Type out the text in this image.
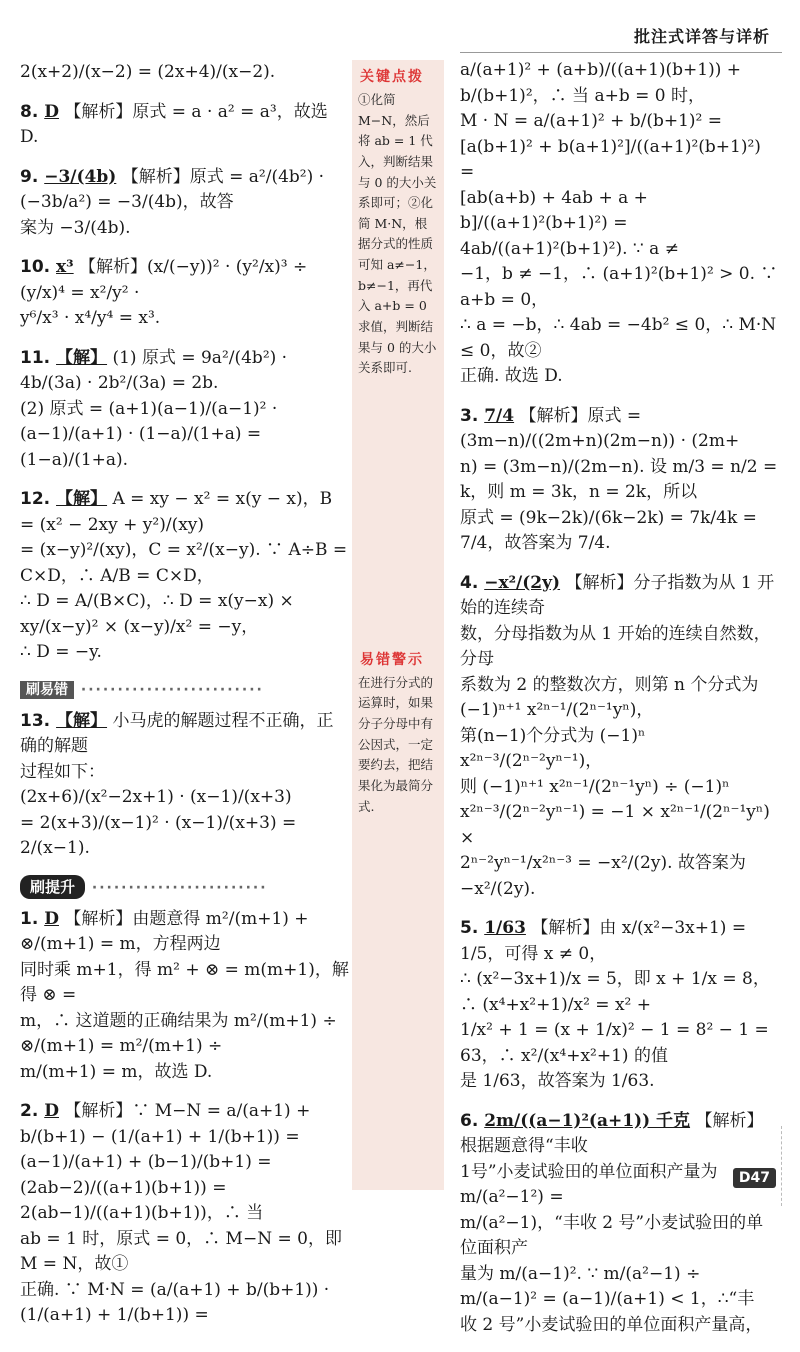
批注式详答与详析
2(x+2)/(x−2) = (2x+4)/(x−2).
8. D 【解析】原式 = a · a² = a³，故选 D.
9. −3/(4b) 【解析】原式 = a²/(4b²) · (−3b/a²) = −3/(4b)，故答
案为 −3/(4b).
10. x³ 【解析】(x/(−y))² · (y²/x)³ ÷ (y/x)⁴ = x²/y² ·
y⁶/x³ · x⁴/y⁴ = x³.
11. 【解】 (1) 原式 = 9a²/(4b²) · 4b/(3a) · 2b²/(3a) = 2b.
(2) 原式 = (a+1)(a−1)/(a−1)² · (a−1)/(a+1) · (1−a)/(1+a) = (1−a)/(1+a).
12. 【解】 A = xy − x² = x(y − x)，B = (x² − 2xy + y²)/(xy)
= (x−y)²/(xy)，C = x²/(x−y). ∵ A÷B = C×D，∴ A/B = C×D，
∴ D = A/(B×C)，∴ D = x(y−x) × xy/(x−y)² × (x−y)/x² = −y，
∴ D = −y.
刷易错 ·························
13. 【解】 小马虎的解题过程不正确，正确的解题
过程如下：
(2x+6)/(x²−2x+1) · (x−1)/(x+3)
= 2(x+3)/(x−1)² · (x−1)/(x+3) = 2/(x−1).
刷提升 ························
1. D 【解析】由题意得 m²/(m+1) + ⊗/(m+1) = m，方程两边
同时乘 m+1，得 m² + ⊗ = m(m+1)，解得 ⊗ =
m，∴ 这道题的正确结果为 m²/(m+1) ÷ ⊗/(m+1) = m²/(m+1) ÷
m/(m+1) = m，故选 D.
2. D 【解析】∵ M−N = a/(a+1) + b/(b+1) − (1/(a+1) + 1/(b+1)) =
(a−1)/(a+1) + (b−1)/(b+1) = (2ab−2)/((a+1)(b+1)) = 2(ab−1)/((a+1)(b+1))，∴ 当
ab = 1 时，原式 = 0，∴ M−N = 0，即 M = N，故①
正确. ∵ M·N = (a/(a+1) + b/(b+1)) · (1/(a+1) + 1/(b+1)) =
关键点拨
①化简 M−N，然后将 ab = 1 代入，判断结果与 0 的大小关系即可；②化简 M·N，根据分式的性质可知 a≠−1，b≠−1，再代入 a+b = 0 求值，判断结果与 0 的大小关系即可.
易错警示
在进行分式的运算时，如果分子分母中有公因式，一定要约去，把结果化为最简分式.
a/(a+1)² + (a+b)/((a+1)(b+1)) + b/(b+1)²，∴ 当 a+b = 0 时，
M · N = a/(a+1)² + b/(b+1)² = [a(b+1)² + b(a+1)²]/((a+1)²(b+1)²) =
[ab(a+b) + 4ab + a + b]/((a+1)²(b+1)²) = 4ab/((a+1)²(b+1)²). ∵ a ≠
−1，b ≠ −1，∴ (a+1)²(b+1)² > 0. ∵ a+b = 0，
∴ a = −b，∴ 4ab = −4b² ≤ 0，∴ M·N ≤ 0，故②
正确. 故选 D.
3. 7/4 【解析】原式 = (3m−n)/((2m+n)(2m−n)) · (2m+
n) = (3m−n)/(2m−n). 设 m/3 = n/2 = k，则 m = 3k，n = 2k，所以
原式 = (9k−2k)/(6k−2k) = 7k/4k = 7/4，故答案为 7/4.
4. −x²/(2y) 【解析】分子指数为从 1 开始的连续奇
数，分母指数为从 1 开始的连续自然数，分母
系数为 2 的整数次方，则第 n 个分式为
(−1)ⁿ⁺¹ x²ⁿ⁻¹/(2ⁿ⁻¹yⁿ)，
第(n−1)个分式为 (−1)ⁿ x²ⁿ⁻³/(2ⁿ⁻²yⁿ⁻¹)，
则 (−1)ⁿ⁺¹ x²ⁿ⁻¹/(2ⁿ⁻¹yⁿ) ÷ (−1)ⁿ x²ⁿ⁻³/(2ⁿ⁻²yⁿ⁻¹) = −1 × x²ⁿ⁻¹/(2ⁿ⁻¹yⁿ) ×
2ⁿ⁻²yⁿ⁻¹/x²ⁿ⁻³ = −x²/(2y). 故答案为 −x²/(2y).
5. 1/63 【解析】由 x/(x²−3x+1) = 1/5，可得 x ≠ 0，
∴ (x²−3x+1)/x = 5，即 x + 1/x = 8，∴ (x⁴+x²+1)/x² = x² +
1/x² + 1 = (x + 1/x)² − 1 = 8² − 1 = 63，∴ x²/(x⁴+x²+1) 的值
是 1/63，故答案为 1/63.
6. 2m/((a−1)²(a+1)) 千克 【解析】根据题意得“丰收
1号”小麦试验田的单位面积产量为 m/(a²−1²) =
m/(a²−1)，“丰收 2 号”小麦试验田的单位面积产
量为 m/(a−1)². ∵ m/(a²−1) ÷ m/(a−1)² = (a−1)/(a+1) < 1，∴“丰
收 2 号”小麦试验田的单位面积产量高，
D47
